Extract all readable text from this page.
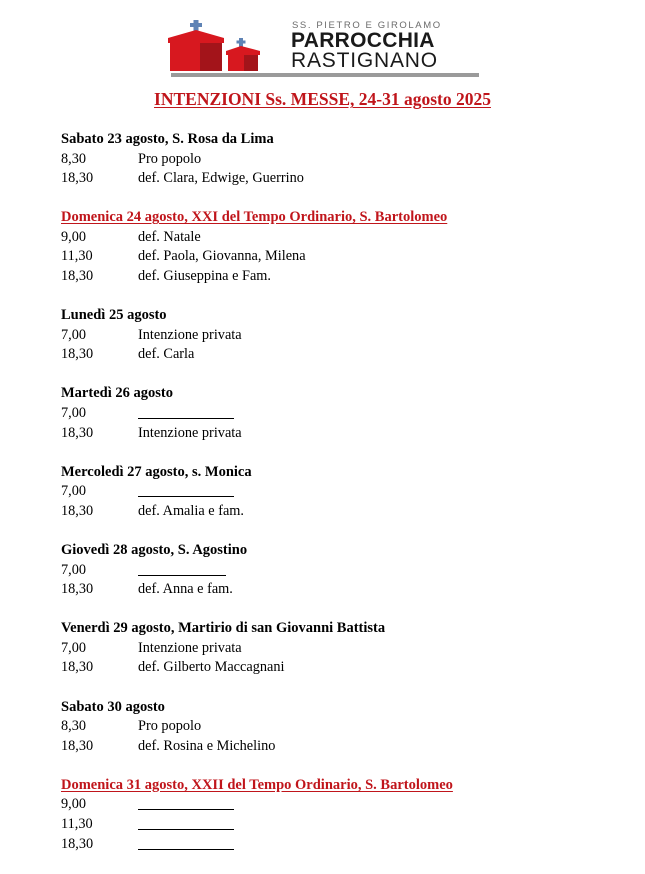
SS. PIETRO E GIROLAMO
PARROCCHIA
RASTIGNANO
INTENZIONI Ss. MESSE, 24-31 agosto 2025
Sabato 23 agosto, S. Rosa da Lima
8,30	Pro popolo
18,30	def. Clara, Edwige, Guerrino
Domenica 24 agosto, XXI del Tempo Ordinario, S. Bartolomeo
9,00	def. Natale
11,30	def. Paola, Giovanna, Milena
18,30	def. Giuseppina e Fam.
Lunedì 25 agosto
7,00	Intenzione privata
18,30	def. Carla
Martedì 26 agosto
7,00
18,30	Intenzione privata
Mercoledì 27 agosto, s. Monica
7,00
18,30	def. Amalia e fam.
Giovedì 28 agosto, S. Agostino
7,00
18,30	def. Anna e fam.
Venerdì 29 agosto, Martirio di san Giovanni Battista
7,00	Intenzione privata
18,30	def. Gilberto Maccagnani
Sabato 30 agosto
8,30	Pro popolo
18,30	def. Rosina e Michelino
Domenica 31 agosto, XXII del Tempo Ordinario, S. Bartolomeo
9,00
11,30
18,30
